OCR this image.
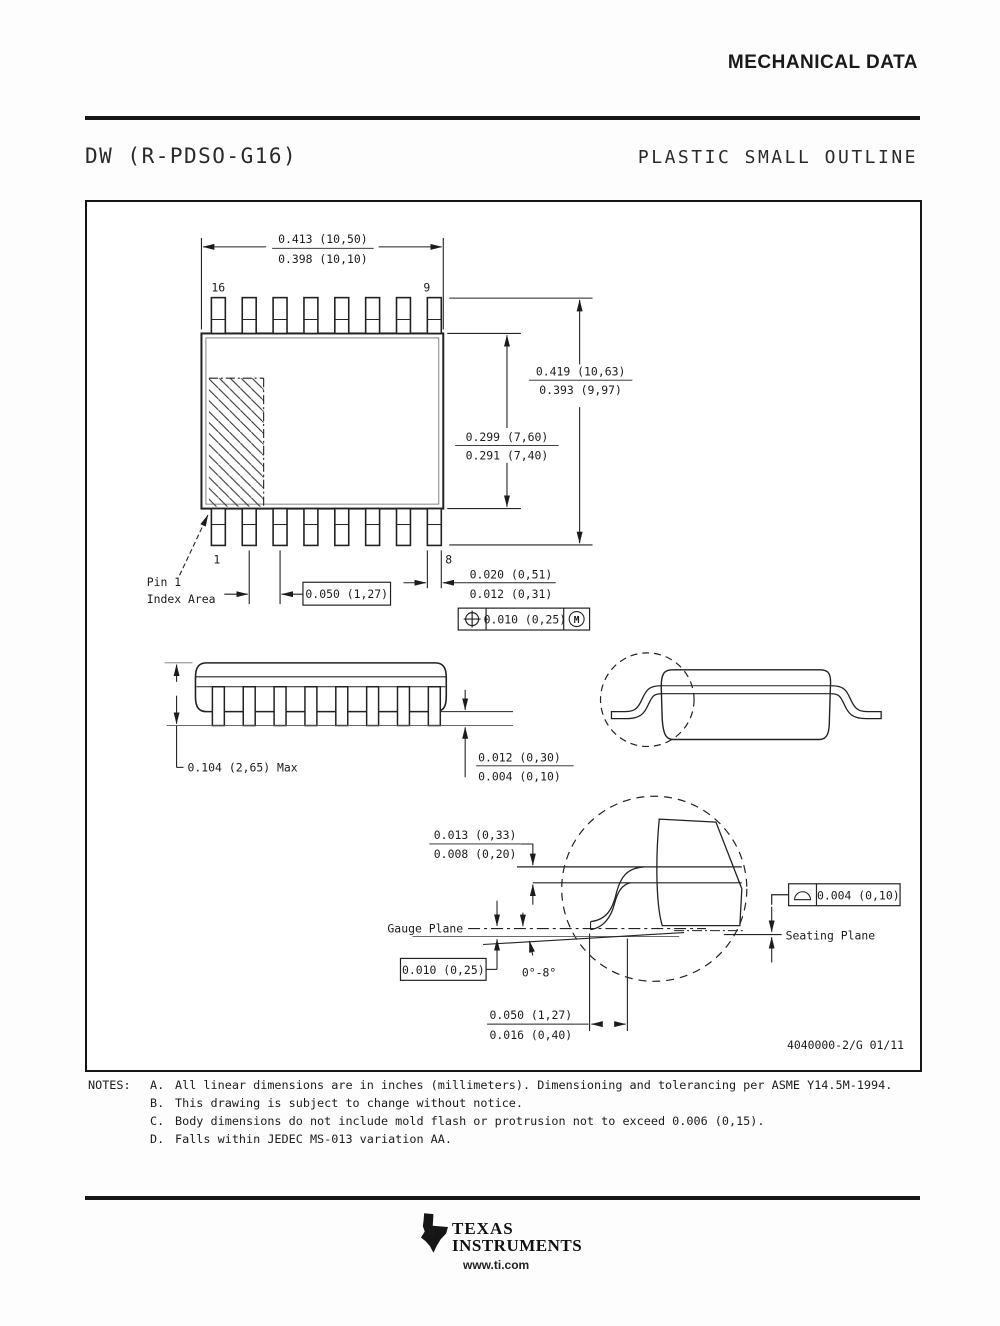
MECHANICAL DATA
DW (R-PDSO-G16)	PLASTIC SMALL OUTLINE
16	9
1	8
0.413 (10,50)
0.398 (10,10)
0.299 (7,60)
0.291 (7,40)
0.419 (10,63)
0.393 (9,97)
0.050 (1,27)
0.020 (0,51)
0.012 (0,31)
0.010 (0,25) M
Pin 1
Index Area
0.104 (2,65) Max
0.012 (0,30)
0.004 (0,10)
0.013 (0,33)
0.008 (0,20)
Gauge Plane
0.010 (0,25)	0°-8°
0.050 (1,27)
0.016 (0,40)
Seating Plane
0.004 (0,10)
4040000-2/G 01/11
NOTES: A. All linear dimensions are in inches (millimeters). Dimensioning and tolerancing per ASME Y14.5M-1994.
B. This drawing is subject to change without notice.
C. Body dimensions do not include mold flash or protrusion not to exceed 0.006 (0,15).
D. Falls within JEDEC MS-013 variation AA.
ti TEXAS
INSTRUMENTS
www.ti.com
